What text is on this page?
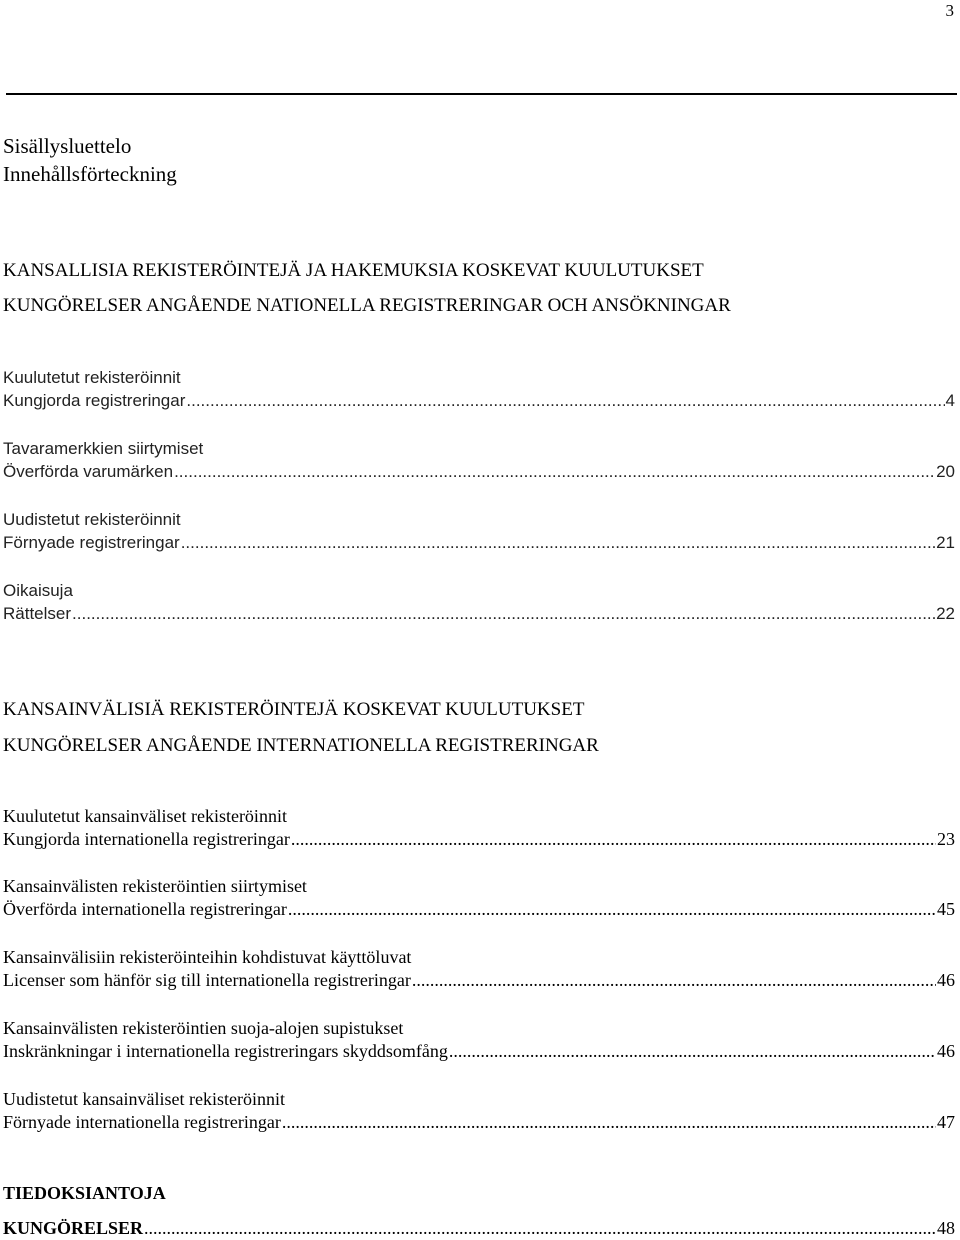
3
Sisällysluettelo
Innehållsförteckning
KANSALLISIA REKISTERÖINTEJÄ JA HAKEMUKSIA KOSKEVAT KUULUTUKSET
KUNGÖRELSER ANGÅENDE NATIONELLA REGISTRERINGAR OCH ANSÖKNINGAR
Kuulutetut rekisteröinnit
Kungjorda registreringar .....	4
Tavaramerkkien siirtymiset
Överförda varumärken .....	20
Uudistetut rekisteröinnit
Förnyade registreringar .....	21
Oikaisuja
Rättelser .....	22
KANSAINVÄLISIÄ REKISTERÖINTEJÄ KOSKEVAT KUULUTUKSET
KUNGÖRELSER ANGÅENDE INTERNATIONELLA REGISTRERINGAR
Kuulutetut kansainväliset rekisteröinnit
Kungjorda internationella registreringar .....	23
Kansainvälisten rekisteröintien siirtymiset
Överförda internationella registreringar .....	45
Kansainvälisiin rekisteröinteihin kohdistuvat käyttöluvat
Licenser som hänför sig till internationella registreringar .....	46
Kansainvälisten rekisteröintien suoja-alojen supistukset
Inskränkningar i internationella registreringars skyddsomfång .....	46
Uudistetut kansainväliset rekisteröinnit
Förnyade internationella registreringar .....	47
TIEDOKSIANTOJA
KUNGÖRELSER .....	48
